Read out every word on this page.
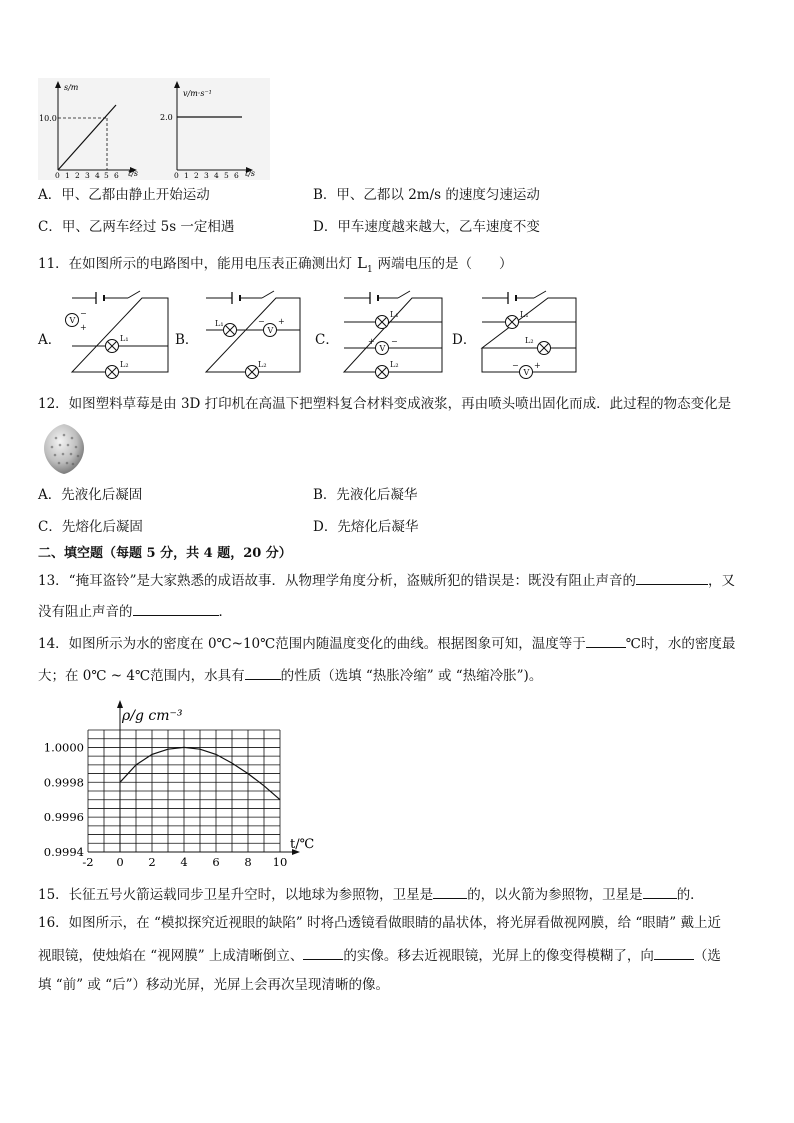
s/m
10.0
t/s
0 1 2 3 4 5 6
v/m·s⁻¹
2.0
t/s
0 1 2 3 4 5 6
A．甲、乙都由静止开始运动	B．甲、乙都以 2m/s 的速度匀速运动
C．甲、乙两车经过 5s 一定相遇	D．甲车速度越来越大，乙车速度不变
11．在如图所示的电路图中，能用电压表正确测出灯 $L_1$ 两端电压的是（　　）
A．	B．	C．	D．
V
−
+
L₁
L₂
L₁
V
− +
L₂
L₁
V
+ −
L₂
L₁
L₂
V
− +
12．如图塑料草莓是由 3D 打印机在高温下把塑料复合材料变成液浆，再由喷头喷出固化而成．此过程的物态变化是
A．先液化后凝固	B．先液化后凝华
C．先熔化后凝固	D．先熔化后凝华
二、填空题（每题 5 分，共 4 题，20 分）
13．“掩耳盗铃”是大家熟悉的成语故事．从物理学角度分析，盗贼所犯的错误是：既没有阻止声音的	，又
没有阻止声音的	．
14．如图所示为水的密度在 0℃~10℃范围内随温度变化的曲线。根据图象可知，温度等于	℃时，水的密度最
大；在 0℃ ~ 4℃范围内，水具有	的性质（选填 “热胀冷缩” 或 “热缩冷胀”)。
1.0000
0.9998
0.9996
0.9994
-2 0 2 4 6 8 10
ρ/g cm⁻³
t/℃
15．长征五号火箭运载同步卫星升空时，以地球为参照物，卫星是	的，以火箭为参照物，卫星是	的．
16．如图所示，在 “模拟探究近视眼的缺陷” 时将凸透镜看做眼睛的晶状体，将光屏看做视网膜，给 “眼睛” 戴上近
视眼镜，使烛焰在 “视网膜” 上成清晰倒立、	的实像。移去近视眼镜，光屏上的像变得模糊了，向	（选
填 “前” 或 “后”）移动光屏，光屏上会再次呈现清晰的像。
